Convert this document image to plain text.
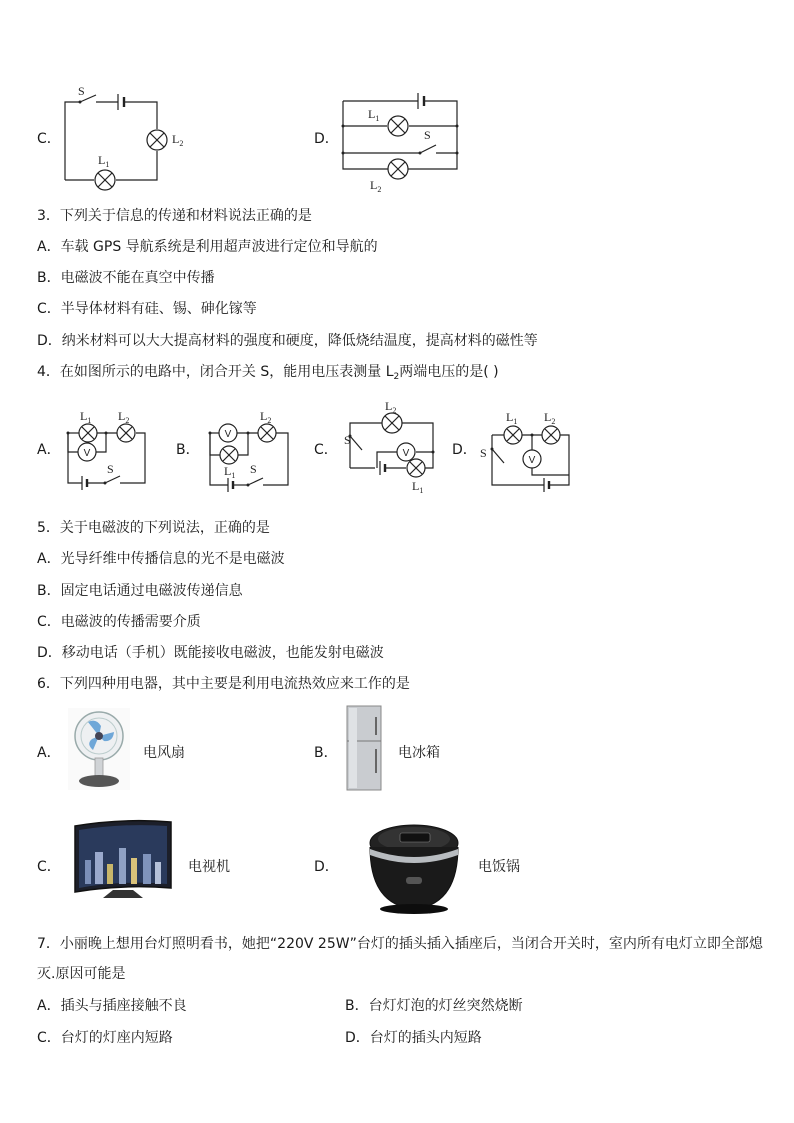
C．
S
$L_2$
$L_1$
D．
$L_1$
S
$L_2$
3．下列关于信息的传递和材料说法正确的是
A．车载 GPS 导航系统是利用超声波进行定位和导航的
B．电磁波不能在真空中传播
C．半导体材料有硅、锡、砷化镓等
D．纳米材料可以大大提高材料的强度和硬度，降低烧结温度，提高材料的磁性等
4．在如图所示的电路中，闭合开关 S，能用电压表测量 $L_2$两端电压的是( )
A． V
$L_1$ $L_2$
S
B．
V
$L_2$
$L_1$ S
C．	V
$L_2$
S
$L_1$
D．
V
$L_1$ $L_2$
S
5．关于电磁波的下列说法，正确的是
A．光导纤维中传播信息的光不是电磁波
B．固定电话通过电磁波传递信息
C．电磁波的传播需要介质
D．移动电话（手机）既能接收电磁波，也能发射电磁波
6．下列四种用电器，其中主要是利用电流热效应来工作的是
A．	电风扇	B．	电冰箱
C．	电视机	D．	电饭锅
7．小丽晚上想用台灯照明看书，她把“220V 25W”台灯的插头插入插座后，当闭合开关时，室内所有电灯立即全部熄
灭.原因可能是
A．插头与插座接触不良	B．台灯灯泡的灯丝突然烧断
C．台灯的灯座内短路	D．台灯的插头内短路
